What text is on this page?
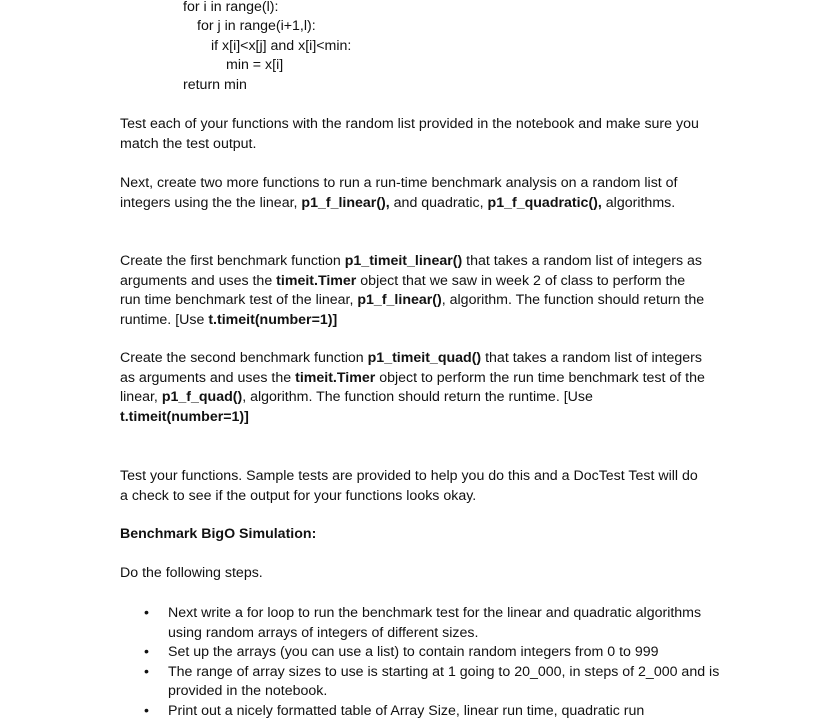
for i in range(l):
for j in range(i+1,l):
if x[i]<x[j] and x[i]<min:
min = x[i]
return min

Test each of your functions with the random list provided in the notebook and make sure you match the test output.

Next, create two more functions to run a run-time benchmark analysis on a random list of integers using the the linear, p1_f_linear(), and quadratic, p1_f_quadratic(), algorithms.

Create the first benchmark function p1_timeit_linear() that takes a random list of integers as arguments and uses the timeit.Timer object that we saw in week 2 of class to perform the run time benchmark test of the linear, p1_f_linear(), algorithm. The function should return the runtime. [Use t.timeit(number=1)]

Create the second benchmark function p1_timeit_quad() that takes a random list of integers as arguments and uses the timeit.Timer object to perform the run time benchmark test of the linear, p1_f_quad(), algorithm. The function should return the runtime. [Use t.timeit(number=1)]

Test your functions. Sample tests are provided to help you do this and a DocTest Test will do a check to see if the output for your functions looks okay.

Benchmark BigO Simulation:

Do the following steps.

• Next write a for loop to run the benchmark test for the linear and quadratic algorithms using random arrays of integers of different sizes.
• Set up the arrays (you can use a list) to contain random integers from 0 to 999
• The range of array sizes to use is starting at 1 going to 20_000, in steps of 2_000 and is provided in the notebook.
• Print out a nicely formatted table of Array Size, linear run time, quadratic run
